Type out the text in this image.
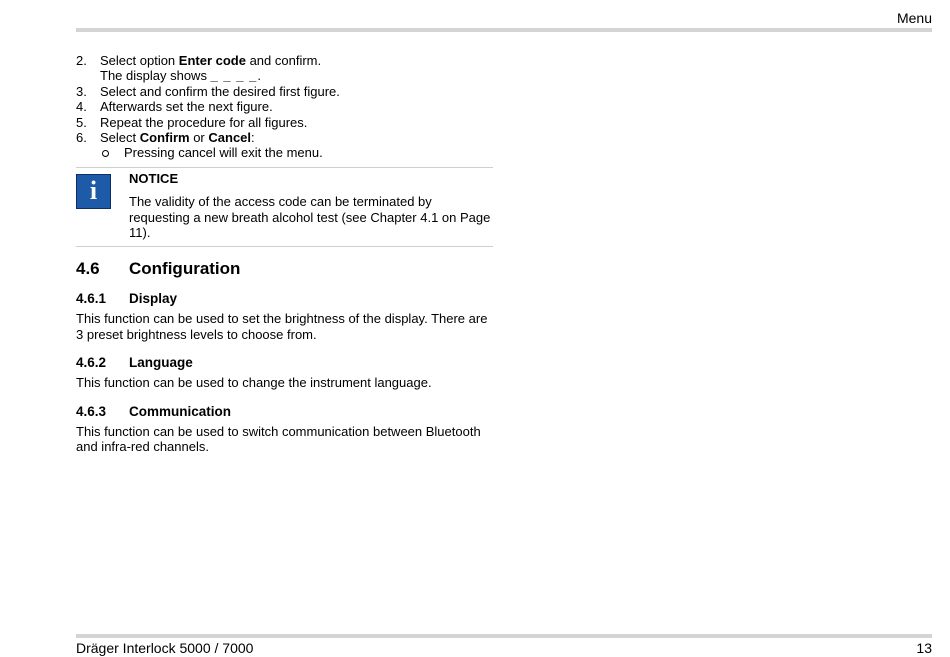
Menu
2. Select option Enter code and confirm.
The display shows _ _ _ _.
3. Select and confirm the desired first figure.
4. Afterwards set the next figure.
5. Repeat the procedure for all figures.
6. Select Confirm or Cancel:
Pressing cancel will exit the menu.
i NOTICE
The validity of the access code can be terminated by requesting a new breath alcohol test (see Chapter 4.1 on Page 11).
4.6 Configuration
4.6.1 Display

This function can be used to set the brightness of the display. There are 3 preset brightness levels to choose from.

4.6.2 Language

This function can be used to change the instrument language.

4.6.3 Communication

This function can be used to switch communication between Bluetooth and infra-red channels.

Dräger Interlock 5000 / 7000	13
